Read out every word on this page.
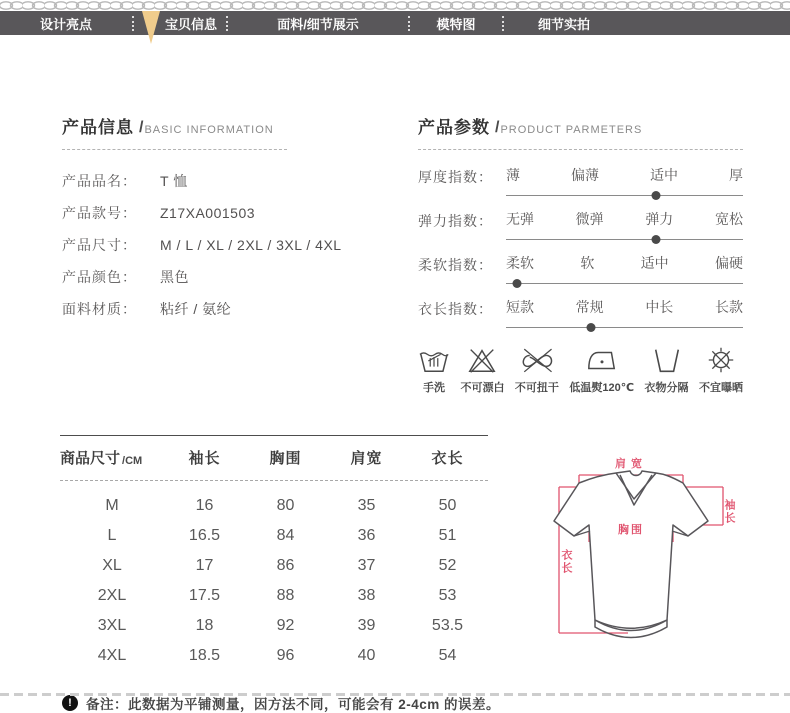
设计亮点	宝贝信息	面料/细节展示	模特图	细节实拍
产品信息 / BASIC INFORMATION
产品品名：	T 恤
产品款号：	Z17XA001503
产品尺寸：	M / L / XL / 2XL / 3XL / 4XL
产品颜色：	黑色
面料材质：	粘纤 / 氨纶
产品参数 / PRODUCT PARMETERS
厚度指数： 薄	偏薄	适中	厚
弹力指数： 无弹	微弹	弹力	宽松
柔软指数： 柔软	软	适中	偏硬
衣长指数： 短款	常规	中长	长款
手洗	不可漂白 不可扭干 低温熨120℃ 衣物分隔 不宜曝晒
商品尺寸 /CM	袖长	胸围	肩宽	衣长
M	16	80	35	50
L	16.5	84	36	51
XL	17	86	37	52
2XL	17.5	88	38	53
3XL	18	92	39	53.5
4XL	18.5	96	40	54
肩宽
胸围
袖长
衣长
!	备注：此数据为平铺测量，因方法不同，可能会有 2-4cm 的误差。
